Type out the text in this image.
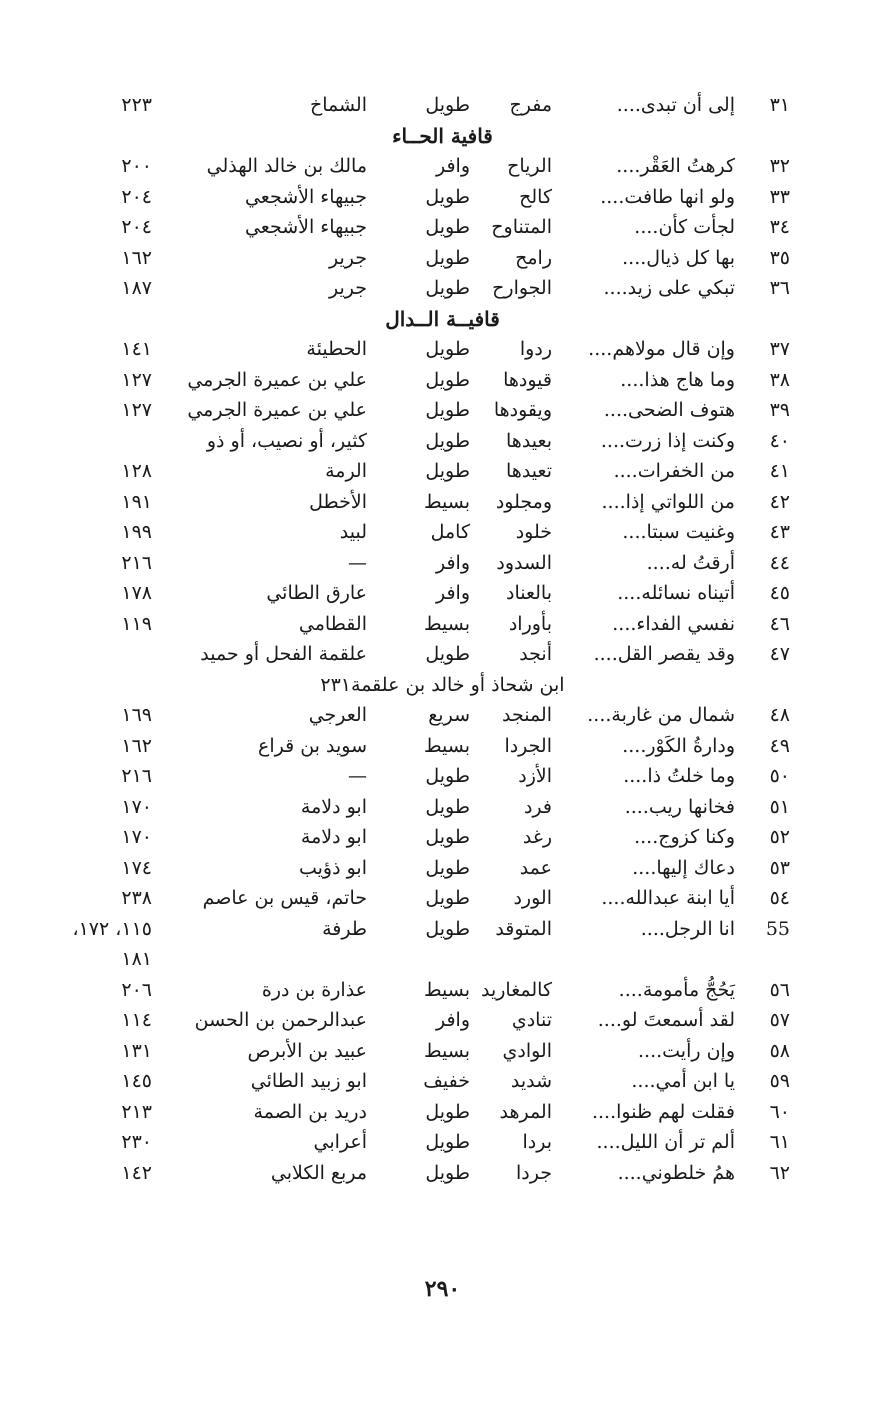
٣١
إلى أن تبدى....
مفرج
طويل
الشماخ
٢٢٣
قافية الحــاء
٣٢
كرهتُ العَقْر....
الرياح
وافر
مالك بن خالد الهذلي
٢٠٠
٣٣
ولو انها طافت....
كالح
طويل
جبيهاء الأشجعي
٢٠٤
٣٤
لجأت كأن....
المتناوح
طويل
جبيهاء الأشجعي
٢٠٤
٣٥
بها كل ذيال....
رامح
طويل
جرير
١٦٢
٣٦
تبكي على زيد....
الجوارح
طويل
جرير
١٨٧
قافيــة الــدال
٣٧
وإن قال مولاهم....
ردوا
طويل
الحطيئة
١٤١
٣٨
وما هاج هذا....
قيودها
طويل
علي بن عميرة الجرمي
١٢٧
٣٩
هتوف الضحى....
ويقودها
طويل
علي بن عميرة الجرمي
١٢٧
٤٠
وكنت إذا زرت....
بعيدها
طويل
كثير، أو نصيب، أو ذو
٤١
من الخفرات....
تعيدها
طويل
الرمة
١٢٨
٤٢
من اللواتي إذا....
ومجلود
بسيط
الأخطل
١٩١
٤٣
وغنيت سبتا....
خلود
كامل
لبيد
١٩٩
٤٤
أرقتُ له....
السدود
وافر
—
٢١٦
٤٥
أتيناه نسائله....
بالعناد
وافر
عارق الطائي
١٧٨
٤٦
نفسي الفداء....
بأوراد
بسيط
القطامي
١١٩
٤٧
وقد يقصر القل....
أنجد
طويل
علقمة الفحل أو حميد
ابن شحاذ أو خالد بن علقمة٢٣١
٤٨
شمال من غاربة....
المنجد
سريع
العرجي
١٦٩
٤٩
ودارةُ الكَوْر....
الجردا
بسيط
سويد بن قراع
١٦٢
٥٠
وما خلتُ ذا....
الأزد
طويل
—
٢١٦
٥١
فخانها ريب....
فرد
طويل
ابو دلامة
١٧٠
٥٢
وكنا كزوج....
رغد
طويل
ابو دلامة
١٧٠
٥٣
دعاك إليها....
عمد
طويل
ابو ذؤيب
١٧٤
٥٤
أيا ابنة عبدالله....
الورد
طويل
حاتم، قيس بن عاصم
٢٣٨
55
انا الرجل....
المتوقد
طويل
طرفة
١١٥، ١٧٢،
١٨١
٥٦
يَحُجُّ مأمومة....
كالمغاريد
بسيط
عذارة بن درة
٢٠٦
٥٧
لقد أسمعتَ لو....
تنادي
وافر
عبدالرحمن بن الحسن
١١٤
٥٨
وإن رأيت....
الوادي
بسيط
عبيد بن الأبرص
١٣١
٥٩
يا ابن أمي....
شديد
خفيف
ابو زبيد الطائي
١٤٥
٦٠
فقلت لهم ظنوا....
المرهد
طويل
دريد بن الصمة
٢١٣
٦١
ألم تر أن الليل....
بردا
طويل
أعرابي
٢٣٠
٦٢
همُ خلطوني....
جردا
طويل
مربع الكلابي
١٤٢
٢٩٠
